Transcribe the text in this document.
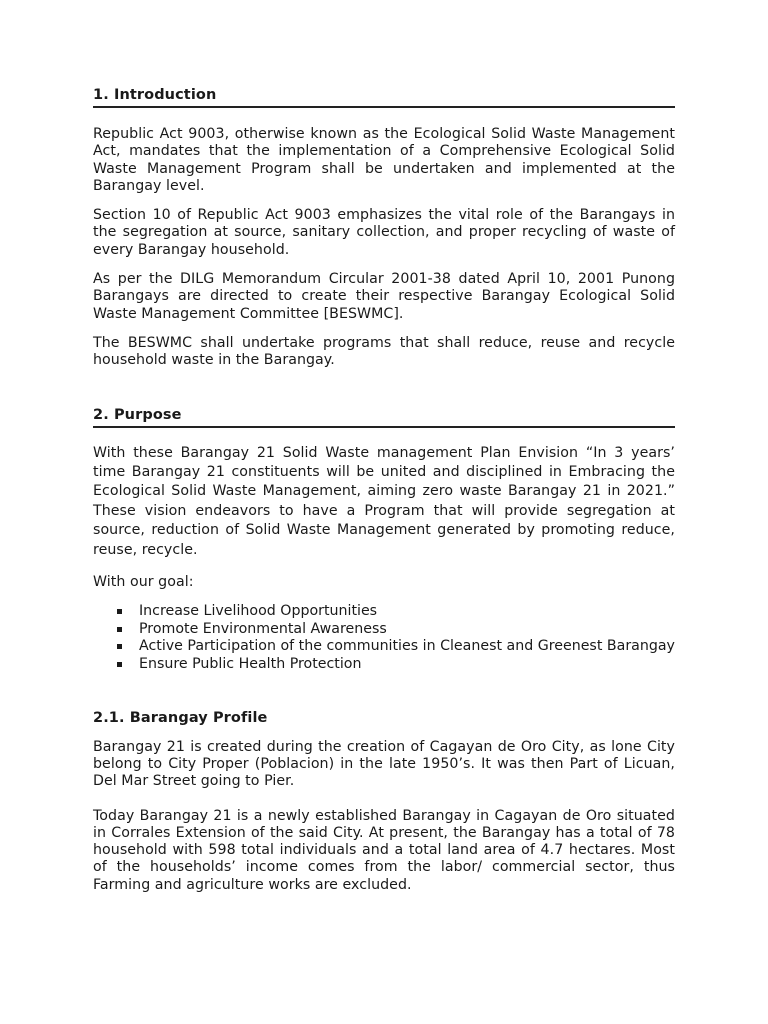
1. Introduction

Republic Act 9003, otherwise known as the Ecological Solid Waste Management Act, mandates that the implementation of a Comprehensive Ecological Solid Waste Management Program shall be undertaken and implemented at the Barangay level.

Section 10 of Republic Act 9003 emphasizes the vital role of the Barangays in the segregation at source, sanitary collection, and proper recycling of waste of every Barangay household.

As per the DILG Memorandum Circular 2001-38 dated April 10, 2001 Punong Barangays are directed to create their respective Barangay Ecological Solid Waste Management Committee [BESWMC].

The BESWMC shall undertake programs that shall reduce, reuse and recycle household waste in the Barangay.

2. Purpose

With these Barangay 21 Solid Waste management Plan Envision “In 3 years’ time Barangay 21 constituents will be united and disciplined in Embracing the Ecological Solid Waste Management, aiming zero waste Barangay 21 in 2021.” These vision endeavors to have a Program that will provide segregation at source, reduction of Solid Waste Management generated by promoting reduce, reuse, recycle.

With our goal:

Increase Livelihood Opportunities
Promote Environmental Awareness
Active Participation of the communities in Cleanest and Greenest Barangay
Ensure Public Health Protection
2.1. Barangay Profile

Barangay 21 is created during the creation of Cagayan de Oro City, as lone City belong to City Proper (Poblacion) in the late 1950’s. It was then Part of Licuan, Del Mar Street going to Pier.

Today Barangay 21 is a newly established Barangay in Cagayan de Oro situated in Corrales Extension of the said City. At present, the Barangay has a total of 78 household with 598 total individuals and a total land area of 4.7 hectares. Most of the households’ income comes from the labor/ commercial sector, thus Farming and agriculture works are excluded.
